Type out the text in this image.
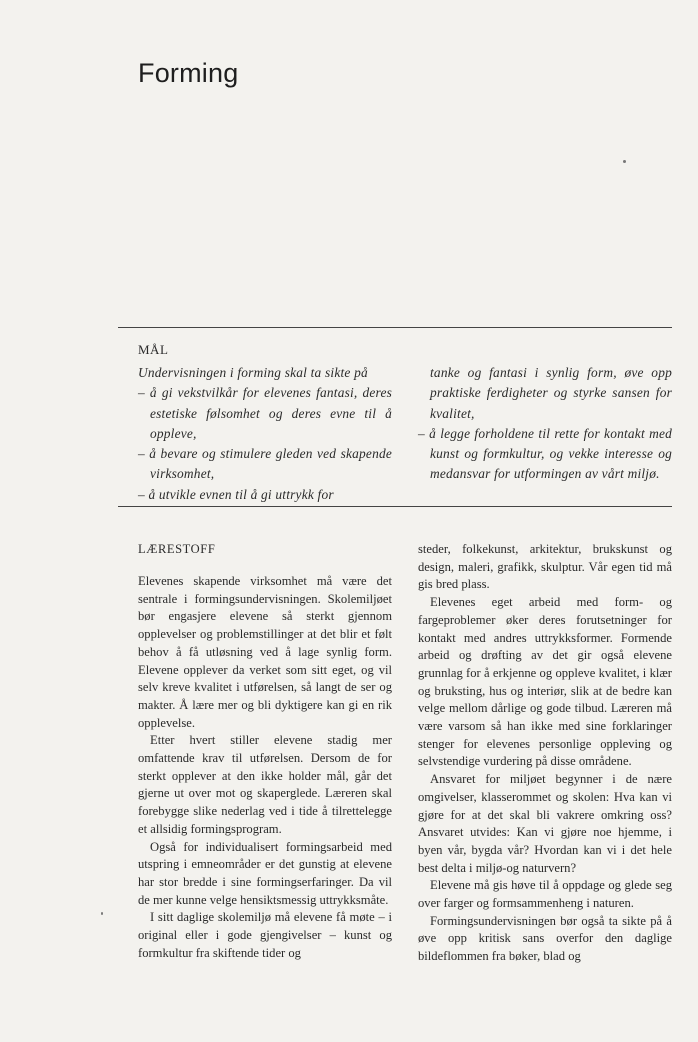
Forming
MÅL

Undervisningen i forming skal ta sikte på

– å gi vekstvilkår for elevenes fantasi, deres estetiske følsomhet og deres evne til å oppleve,

– å bevare og stimulere gleden ved skapende virksomhet,

– å utvikle evnen til å gi uttrykk for

tanke og fantasi i synlig form, øve opp praktiske ferdigheter og styrke sansen for kvalitet,

– å legge forholdene til rette for kontakt med kunst og formkultur, og vekke interesse og medansvar for utformingen av vårt miljø.

LÆRESTOFF

Elevenes skapende virksomhet må være det sentrale i formingsundervisningen. Skolemiljøet bør engasjere elevene så sterkt gjennom opplevelser og problemstillinger at det blir et følt behov å få utløsning ved å lage synlig form. Elevene opplever da verket som sitt eget, og vil selv kreve kvalitet i utførelsen, så langt de ser og makter. Å lære mer og bli dyktigere kan gi en rik opplevelse.

Etter hvert stiller elevene stadig mer omfattende krav til utførelsen. Dersom de for sterkt opplever at den ikke holder mål, går det gjerne ut over mot og skaperglede. Læreren skal forebygge slike nederlag ved i tide å tilrettelegge et allsidig formingsprogram.

Også for individualisert formingsarbeid med utspring i emneområder er det gunstig at elevene har stor bredde i sine formingserfaringer. Da vil de mer kunne velge hensiktsmessig uttrykksmåte.

I sitt daglige skolemiljø må elevene få møte – i original eller i gode gjengivelser – kunst og formkultur fra skiftende tider og

steder, folkekunst, arkitektur, brukskunst og design, maleri, grafikk, skulptur. Vår egen tid må gis bred plass.

Elevenes eget arbeid med form- og fargeproblemer øker deres forutsetninger for kontakt med andres uttrykksformer. Formende arbeid og drøfting av det gir også elevene grunnlag for å erkjenne og oppleve kvalitet, i klær og bruksting, hus og interiør, slik at de bedre kan velge mellom dårlige og gode tilbud. Læreren må være varsom så han ikke med sine forklaringer stenger for elevenes personlige oppleving og selvstendige vurdering på disse områdene.

Ansvaret for miljøet begynner i de nære omgivelser, klasserommet og skolen: Hva kan vi gjøre for at det skal bli vakrere omkring oss? Ansvaret utvides: Kan vi gjøre noe hjemme, i byen vår, bygda vår? Hvordan kan vi i det hele best delta i miljø-og naturvern?

Elevene må gis høve til å oppdage og glede seg over farger og formsammenheng i naturen.

Formingsundervisningen bør også ta sikte på å øve opp kritisk sans overfor den daglige bildeflommen fra bøker, blad og
